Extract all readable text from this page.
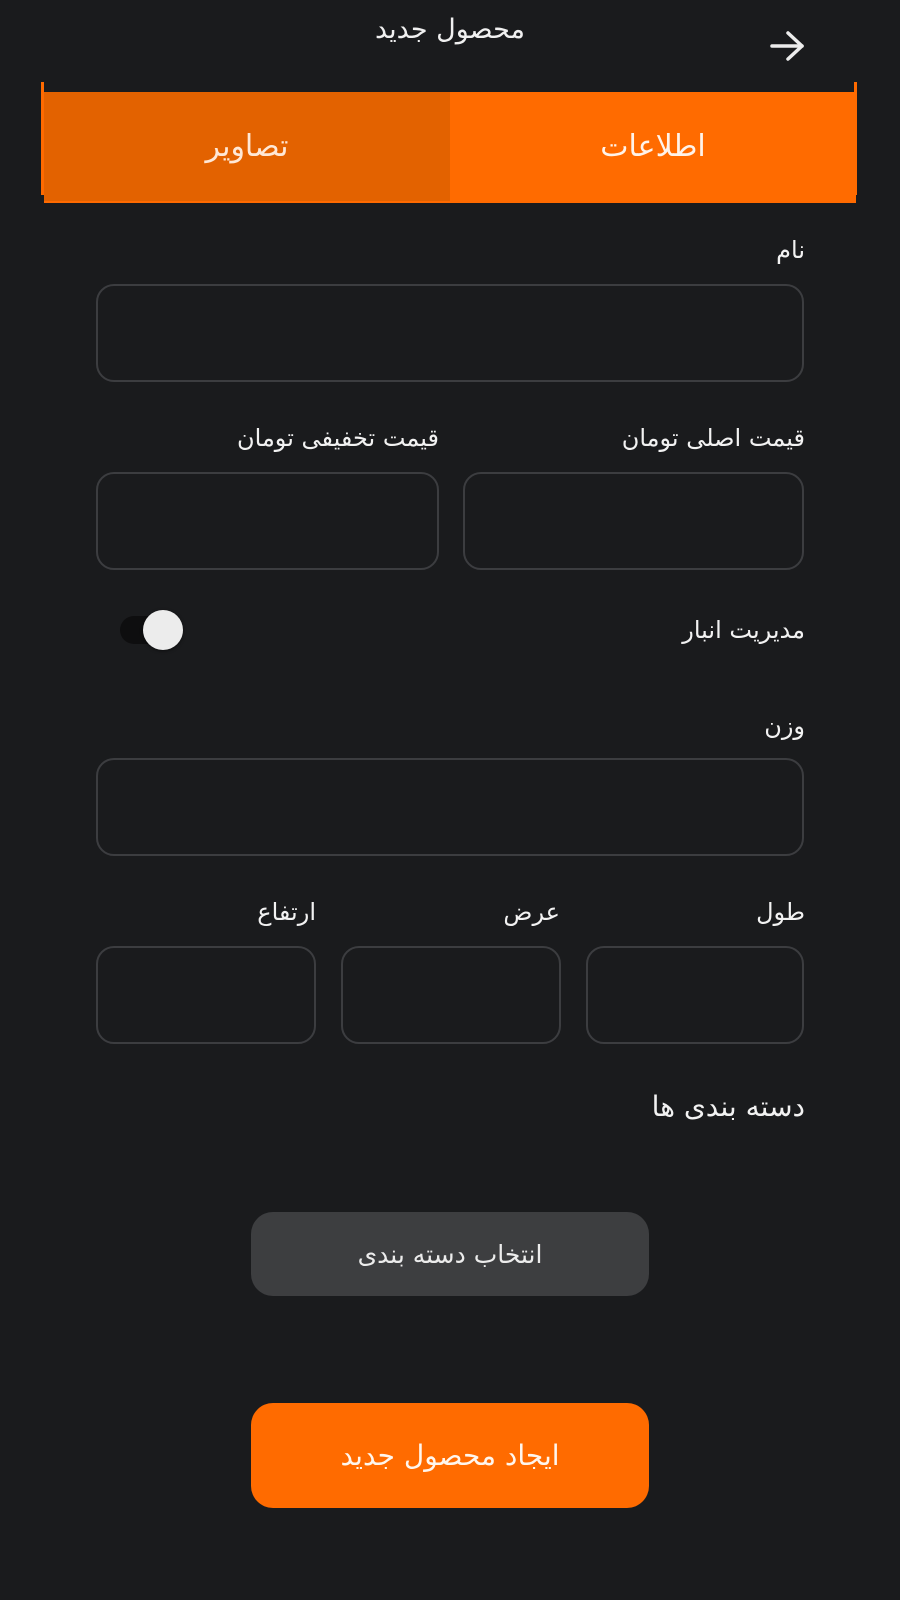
محصول جدید
اطلاعات
تصاویر
نام
قیمت اصلی تومان
قیمت تخفیفی تومان
مدیریت انبار
وزن
طول
عرض
ارتفاع
دسته بندی ها
انتخاب دسته بندی
ایجاد محصول جدید
